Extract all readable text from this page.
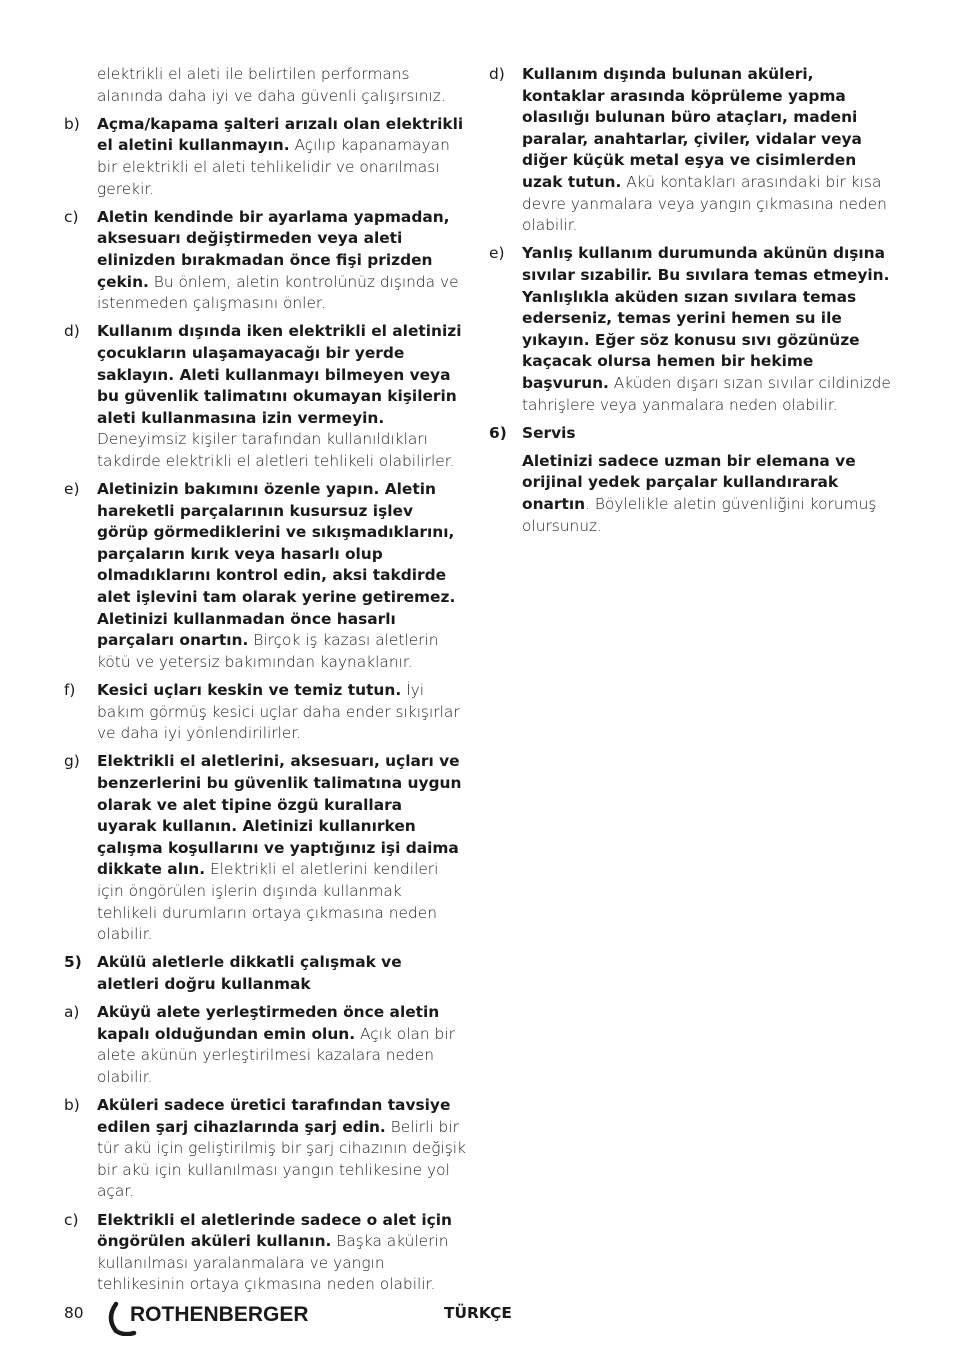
elektrikli el aleti ile belirtilen performans alanında daha iyi ve daha güvenli çalışırsınız.
b) Açma/kapama şalteri arızalı olan elektrikli el aletini kullanmayın. Açılıp kapanamayan bir elektrikli el aleti tehlikelidir ve onarılması gerekir.
c) Aletin kendinde bir ayarlama yapmadan, aksesuarı değiştirmeden veya aleti elinizden bırakmadan önce fişi prizden çekin. Bu önlem, aletin kontrolünüz dışında ve istenmeden çalışmasını önler.
d) Kullanım dışında iken elektrikli el aletinizi çocukların ulaşamayacağı bir yerde saklayın. Aleti kullanmayı bilmeyen veya bu güvenlik talimatını okumayan kişilerin aleti kullanmasına izin vermeyin. Deneyimsiz kişiler tarafından kullanıldıkları takdirde elektrikli el aletleri tehlikeli olabilirler.
e) Aletinizin bakımını özenle yapın. Aletin hareketli parçalarının kusursuz işlev görüp görmediklerini ve sıkışmadıklarını, parçaların kırık veya hasarlı olup olmadıklarını kontrol edin, aksi takdirde alet işlevini tam olarak yerine getiremez. Aletinizi kullanmadan önce hasarlı parçaları onartın. Birçok iş kazası aletlerin kötü ve yetersiz bakımından kaynaklanır.
f) Kesici uçları keskin ve temiz tutun. İyi bakım görmüş kesici uçlar daha ender sıkışırlar ve daha iyi yönlendirilirler.
g) Elektrikli el aletlerini, aksesuarı, uçları ve benzerlerini bu güvenlik talimatına uygun olarak ve alet tipine özgü kurallara uyarak kullanın. Aletinizi kullanırken çalışma koşullarını ve yaptığınız işi daima dikkate alın. Elektrikli el aletlerini kendileri için öngörülen işlerin dışında kullanmak tehlikeli durumların ortaya çıkmasına neden olabilir.
5) Akülü aletlerle dikkatli çalışmak ve aletleri doğru kullanmak
a) Aküyü alete yerleştirmeden önce aletin kapalı olduğundan emin olun. Açık olan bir alete akünün yerleştirilmesi kazalara neden olabilir.
b) Aküleri sadece üretici tarafından tavsiye edilen şarj cihazlarında şarj edin. Belirli bir tür akü için geliştirilmiş bir şarj cihazının değişik bir akü için kullanılması yangın tehlikesine yol açar.
c) Elektrikli el aletlerinde sadece o alet için öngörülen aküleri kullanın. Başka akülerin kullanılması yaralanmalara ve yangın tehlikesinin ortaya çıkmasına neden olabilir.
d) Kullanım dışında bulunan aküleri, kontaklar arasında köprüleme yapma olasılığı bulunan büro ataçları, madeni paralar, anahtarlar, çiviler, vidalar veya diğer küçük metal eşya ve cisimlerden uzak tutun. Akü kontakları arasındaki bir kısa devre yanmalara veya yangın çıkmasına neden olabilir.
e) Yanlış kullanım durumunda akünün dışına sıvılar sızabilir. Bu sıvılara temas etmeyin. Yanlışlıkla aküden sızan sıvılara temas ederseniz, temas yerini hemen su ile yıkayın. Eğer söz konusu sıvı gözünüze kaçacak olursa hemen bir hekime başvurun. Aküden dışarı sızan sıvılar cildinizde tahrişlere veya yanmalara neden olabilir.
6) Servis
Aletinizi sadece uzman bir elemana ve orijinal yedek parçalar kullandırarak onartın. Böylelikle aletin güvenliğini korumuş olursunuz.
80 ROTHENBERGER	TÜRKÇE
